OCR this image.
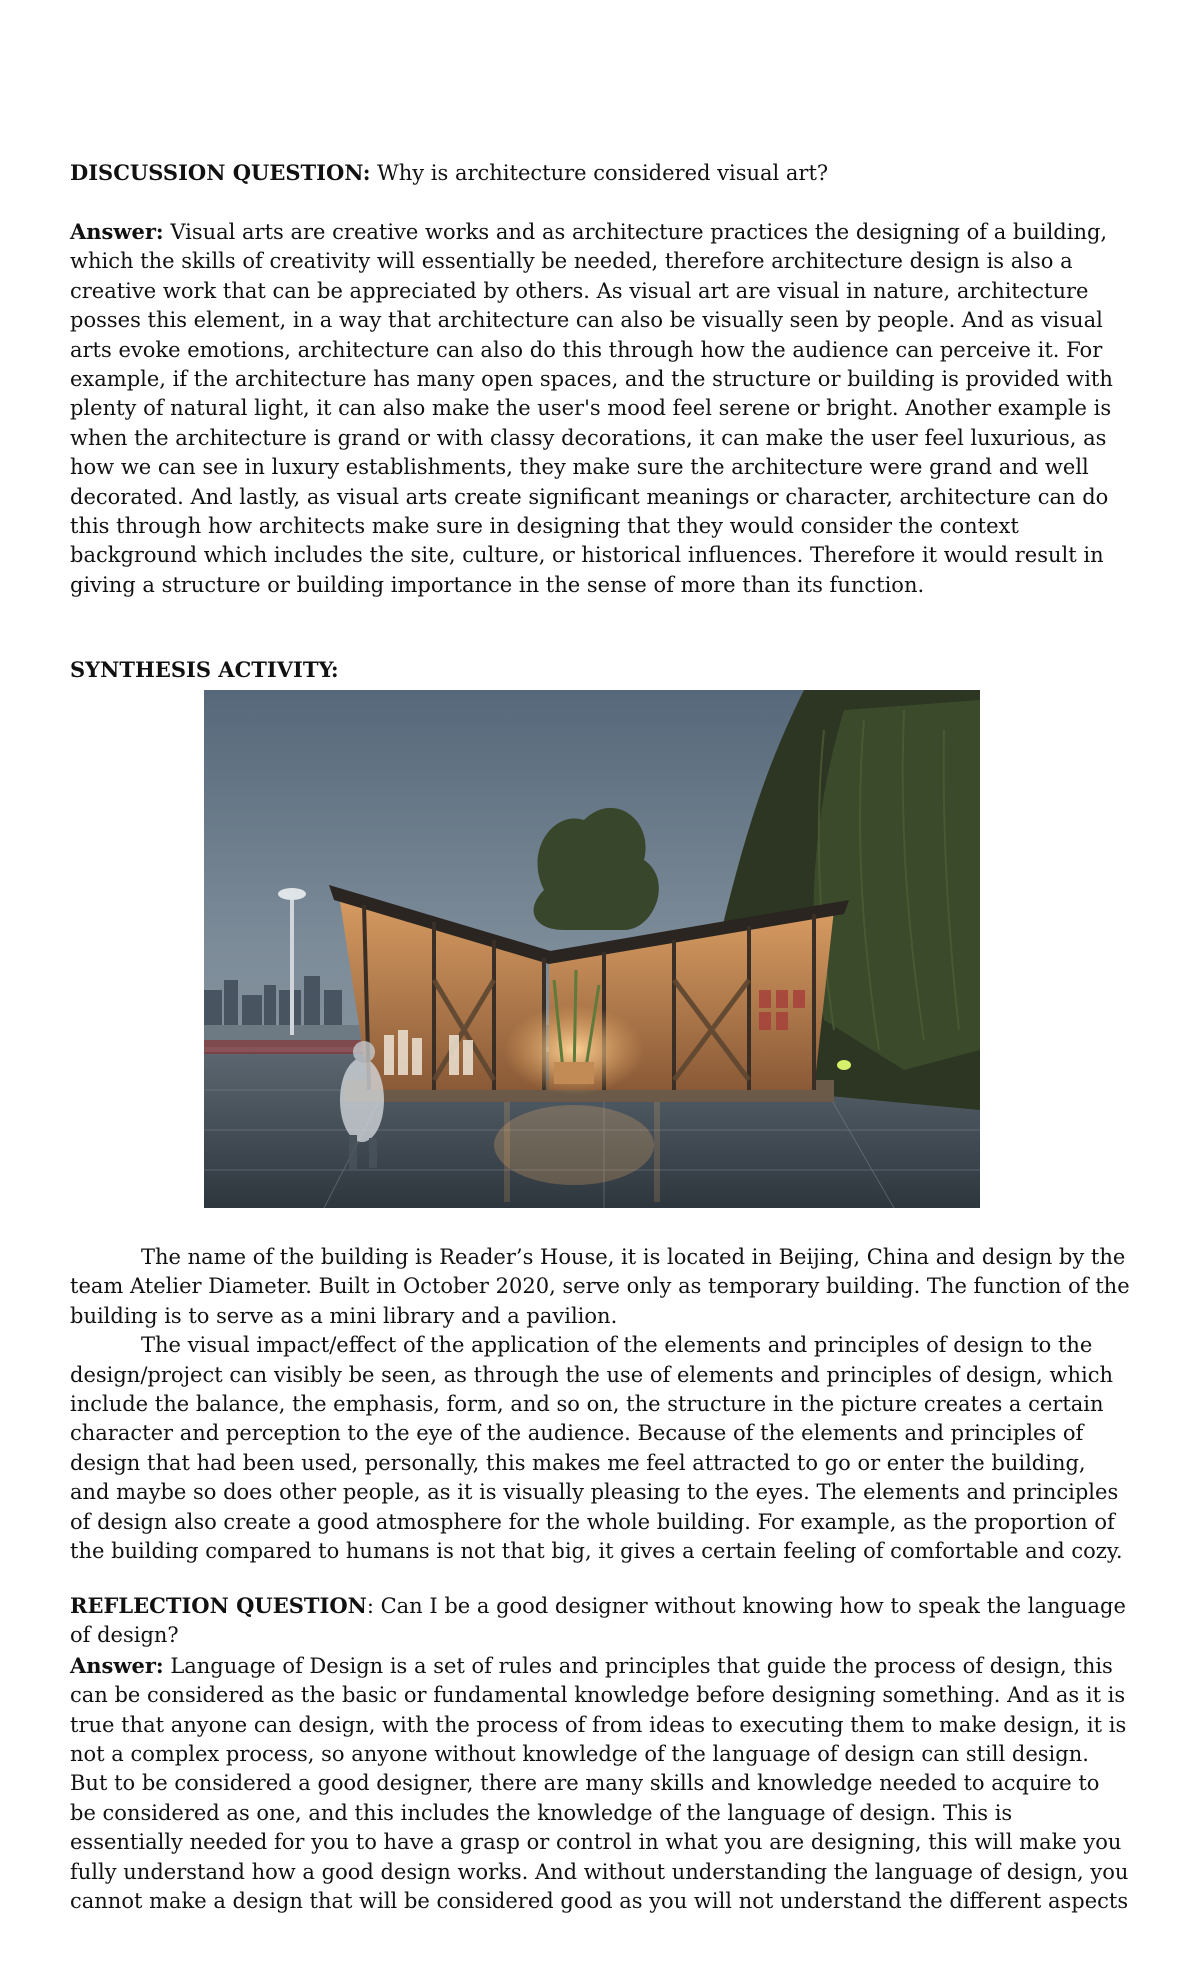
DISCUSSION QUESTION: Why is architecture considered visual art?

Answer: Visual arts are creative works and as architecture practices the designing of a building, which the skills of creativity will essentially be needed, therefore architecture design is also a creative work that can be appreciated by others. As visual art are visual in nature, architecture posses this element, in a way that architecture can also be visually seen by people. And as visual arts evoke emotions, architecture can also do this through how the audience can perceive it. For example, if the architecture has many open spaces, and the structure or building is provided with plenty of natural light, it can also make the user's mood feel serene or bright. Another example is when the architecture is grand or with classy decorations, it can make the user feel luxurious, as how we can see in luxury establishments, they make sure the architecture were grand and well decorated. And lastly, as visual arts create significant meanings or character, architecture can do this through how architects make sure in designing that they would consider the context background which includes the site, culture, or historical influences. Therefore it would result in giving a structure or building importance in the sense of more than its function.

SYNTHESIS ACTIVITY:

The name of the building is Reader’s House, it is located in Beijing, China and design by the team Atelier Diameter. Built in October 2020, serve only as temporary building. The function of the building is to serve as a mini library and a pavilion.

The visual impact/effect of the application of the elements and principles of design to the design/project can visibly be seen, as through the use of elements and principles of design, which include the balance, the emphasis, form, and so on, the structure in the picture creates a certain character and perception to the eye of the audience. Because of the elements and principles of design that had been used, personally, this makes me feel attracted to go or enter the building, and maybe so does other people, as it is visually pleasing to the eyes. The elements and principles of design also create a good atmosphere for the whole building. For example, as the proportion of the building compared to humans is not that big, it gives a certain feeling of comfortable and cozy.

REFLECTION QUESTION: Can I be a good designer without knowing how to speak the language of design?

Answer: Language of Design is a set of rules and principles that guide the process of design, this can be considered as the basic or fundamental knowledge before designing something. And as it is true that anyone can design, with the process of from ideas to executing them to make design, it is not a complex process, so anyone without knowledge of the language of design can still design. But to be considered a good designer, there are many skills and knowledge needed to acquire to be considered as one, and this includes the knowledge of the language of design. This is essentially needed for you to have a grasp or control in what you are designing, this will make you fully understand how a good design works. And without understanding the language of design, you cannot make a design that will be considered good as you will not understand the different aspects
